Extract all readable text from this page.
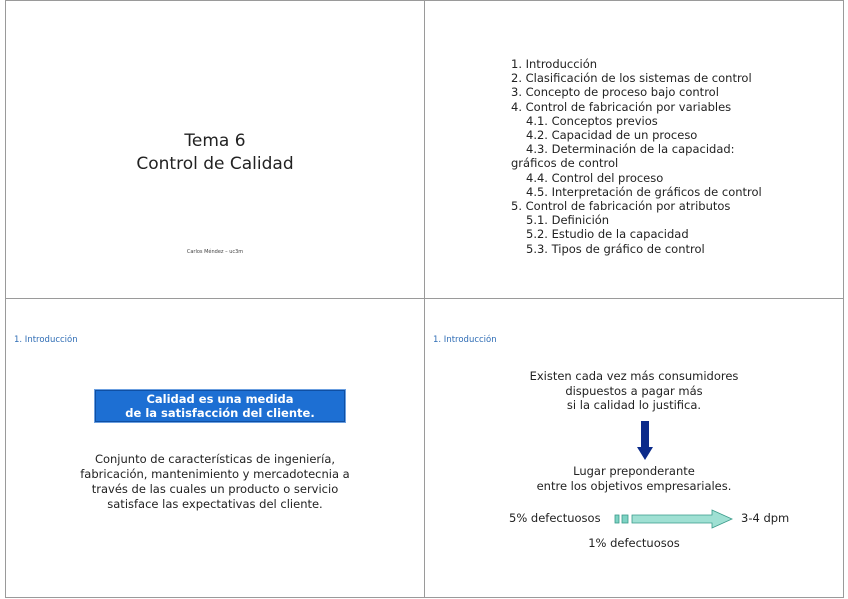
Tema 6
Control de Calidad
Carlos Méndez – uc3m
1. Introducción
2. Clasificación de los sistemas de control
3. Concepto de proceso bajo control
4. Control de fabricación por variables
4.1. Conceptos previos
4.2. Capacidad de un proceso
4.3. Determinación de la capacidad:
gráficos de control
4.4. Control del proceso
4.5. Interpretación de gráficos de control
5. Control de fabricación por atributos
5.1. Definición
5.2. Estudio de la capacidad
5.3. Tipos de gráfico de control
1. Introducción
Calidad es una medida
de la satisfacción del cliente.
Conjunto de características de ingeniería,
fabricación, mantenimiento y mercadotecnia a
través de las cuales un producto o servicio
satisface las expectativas del cliente.
1. Introducción
Existen cada vez más consumidores
dispuestos a pagar más
si la calidad lo justifica.
Lugar preponderante
entre los objetivos empresariales.
5% defectuosos	3-4 dpm
1% defectuosos
